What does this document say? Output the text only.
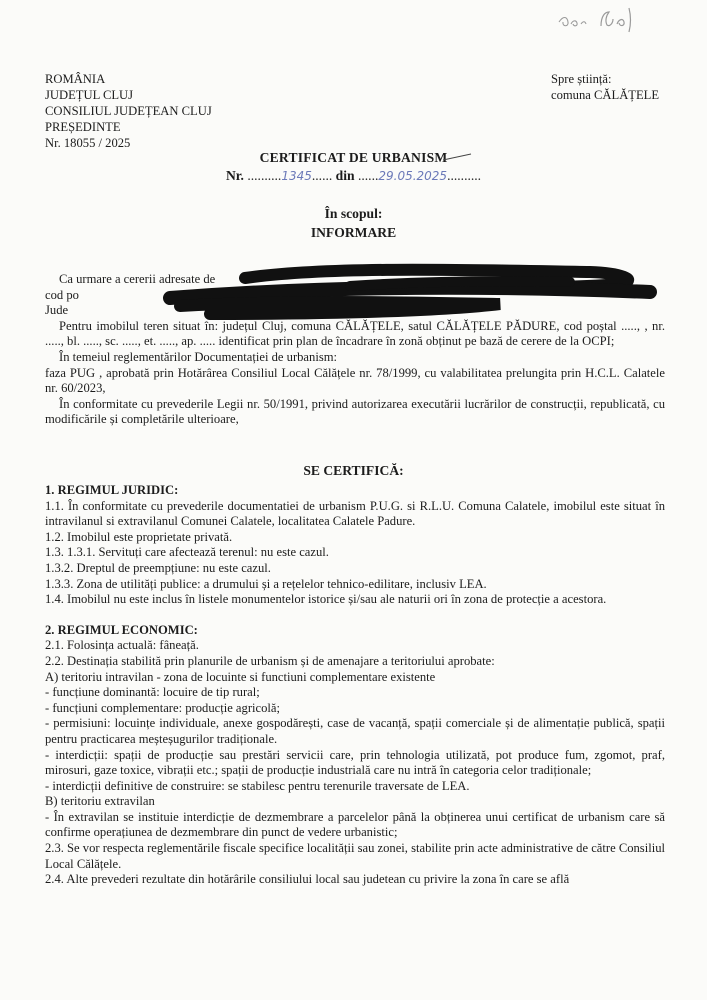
ROMÂNIA
JUDEȚUL CLUJ
CONSILIUL JUDEȚEAN CLUJ
PREȘEDINTE
Nr. 18055 / 2025
Spre știință:
comuna CĂLĂȚELE
CERTIFICAT DE URBANISM
Nr. ..........1345...... din ......29.05.2025..........
În scopul:
INFORMARE

Ca urmare a cererii adresate de

cod po

Jude	2025,

Pentru imobilul teren situat în: județul Cluj, comuna CĂLĂȚELE, satul CĂLĂȚELE PĂDURE, cod poștal ....., , nr. ....., bl. ....., sc. ....., et. ....., ap. ..... identificat prin plan de încadrare în zonă obținut pe bază de cerere de la OCPI;

În temeiul reglementărilor Documentației de urbanism:

faza PUG , aprobată prin Hotărârea Consiliul Local Călățele nr. 78/1999, cu valabilitatea prelungita prin H.C.L. Calatele nr. 60/2023,

În conformitate cu prevederile Legii nr. 50/1991, privind autorizarea executării lucrărilor de construcții, republicată, cu modificările și completările ulterioare,

SE CERTIFICĂ:

1. REGIMUL JURIDIC:

1.1. În conformitate cu prevederile documentatiei de urbanism P.U.G. si R.L.U. Comuna Calatele, imobilul este situat în intravilanul si extravilanul Comunei Calatele, localitatea Calatele Padure.

1.2. Imobilul este proprietate privată.

1.3. 1.3.1. Servituți care afectează terenul: nu este cazul.

1.3.2. Dreptul de preempțiune: nu este cazul.

1.3.3. Zona de utilități publice: a drumului și a rețelelor tehnico-edilitare, inclusiv LEA.

1.4. Imobilul nu este inclus în listele monumentelor istorice și/sau ale naturii ori în zona de protecție a acestora.

2. REGIMUL ECONOMIC:

2.1. Folosința actuală: fâneață.

2.2. Destinația stabilită prin planurile de urbanism și de amenajare a teritoriului aprobate:

A) teritoriu intravilan - zona de locuinte si functiuni complementare existente

- funcțiune dominantă: locuire de tip rural;

- funcțiuni complementare: producție agricolă;

- permisiuni: locuințe individuale, anexe gospodărești, case de vacanță, spații comerciale și de alimentație publică, spații pentru practicarea meșteșugurilor tradiționale.

- interdicții: spații de producție sau prestări servicii care, prin tehnologia utilizată, pot produce fum, zgomot, praf, mirosuri, gaze toxice, vibrații etc.; spații de producție industrială care nu intră în categoria celor tradiționale;

- interdicții definitive de construire: se stabilesc pentru terenurile traversate de LEA.

B) teritoriu extravilan

- În extravilan se instituie interdicție de dezmembrare a parcelelor până la obținerea unui certificat de urbanism care să confirme operațiunea de dezmembrare din punct de vedere urbanistic;

2.3. Se vor respecta reglementările fiscale specifice localității sau zonei, stabilite prin acte administrative de către Consiliul Local Călățele.

2.4. Alte prevederi rezultate din hotărârile consiliului local sau judetean cu privire la zona în care se află
